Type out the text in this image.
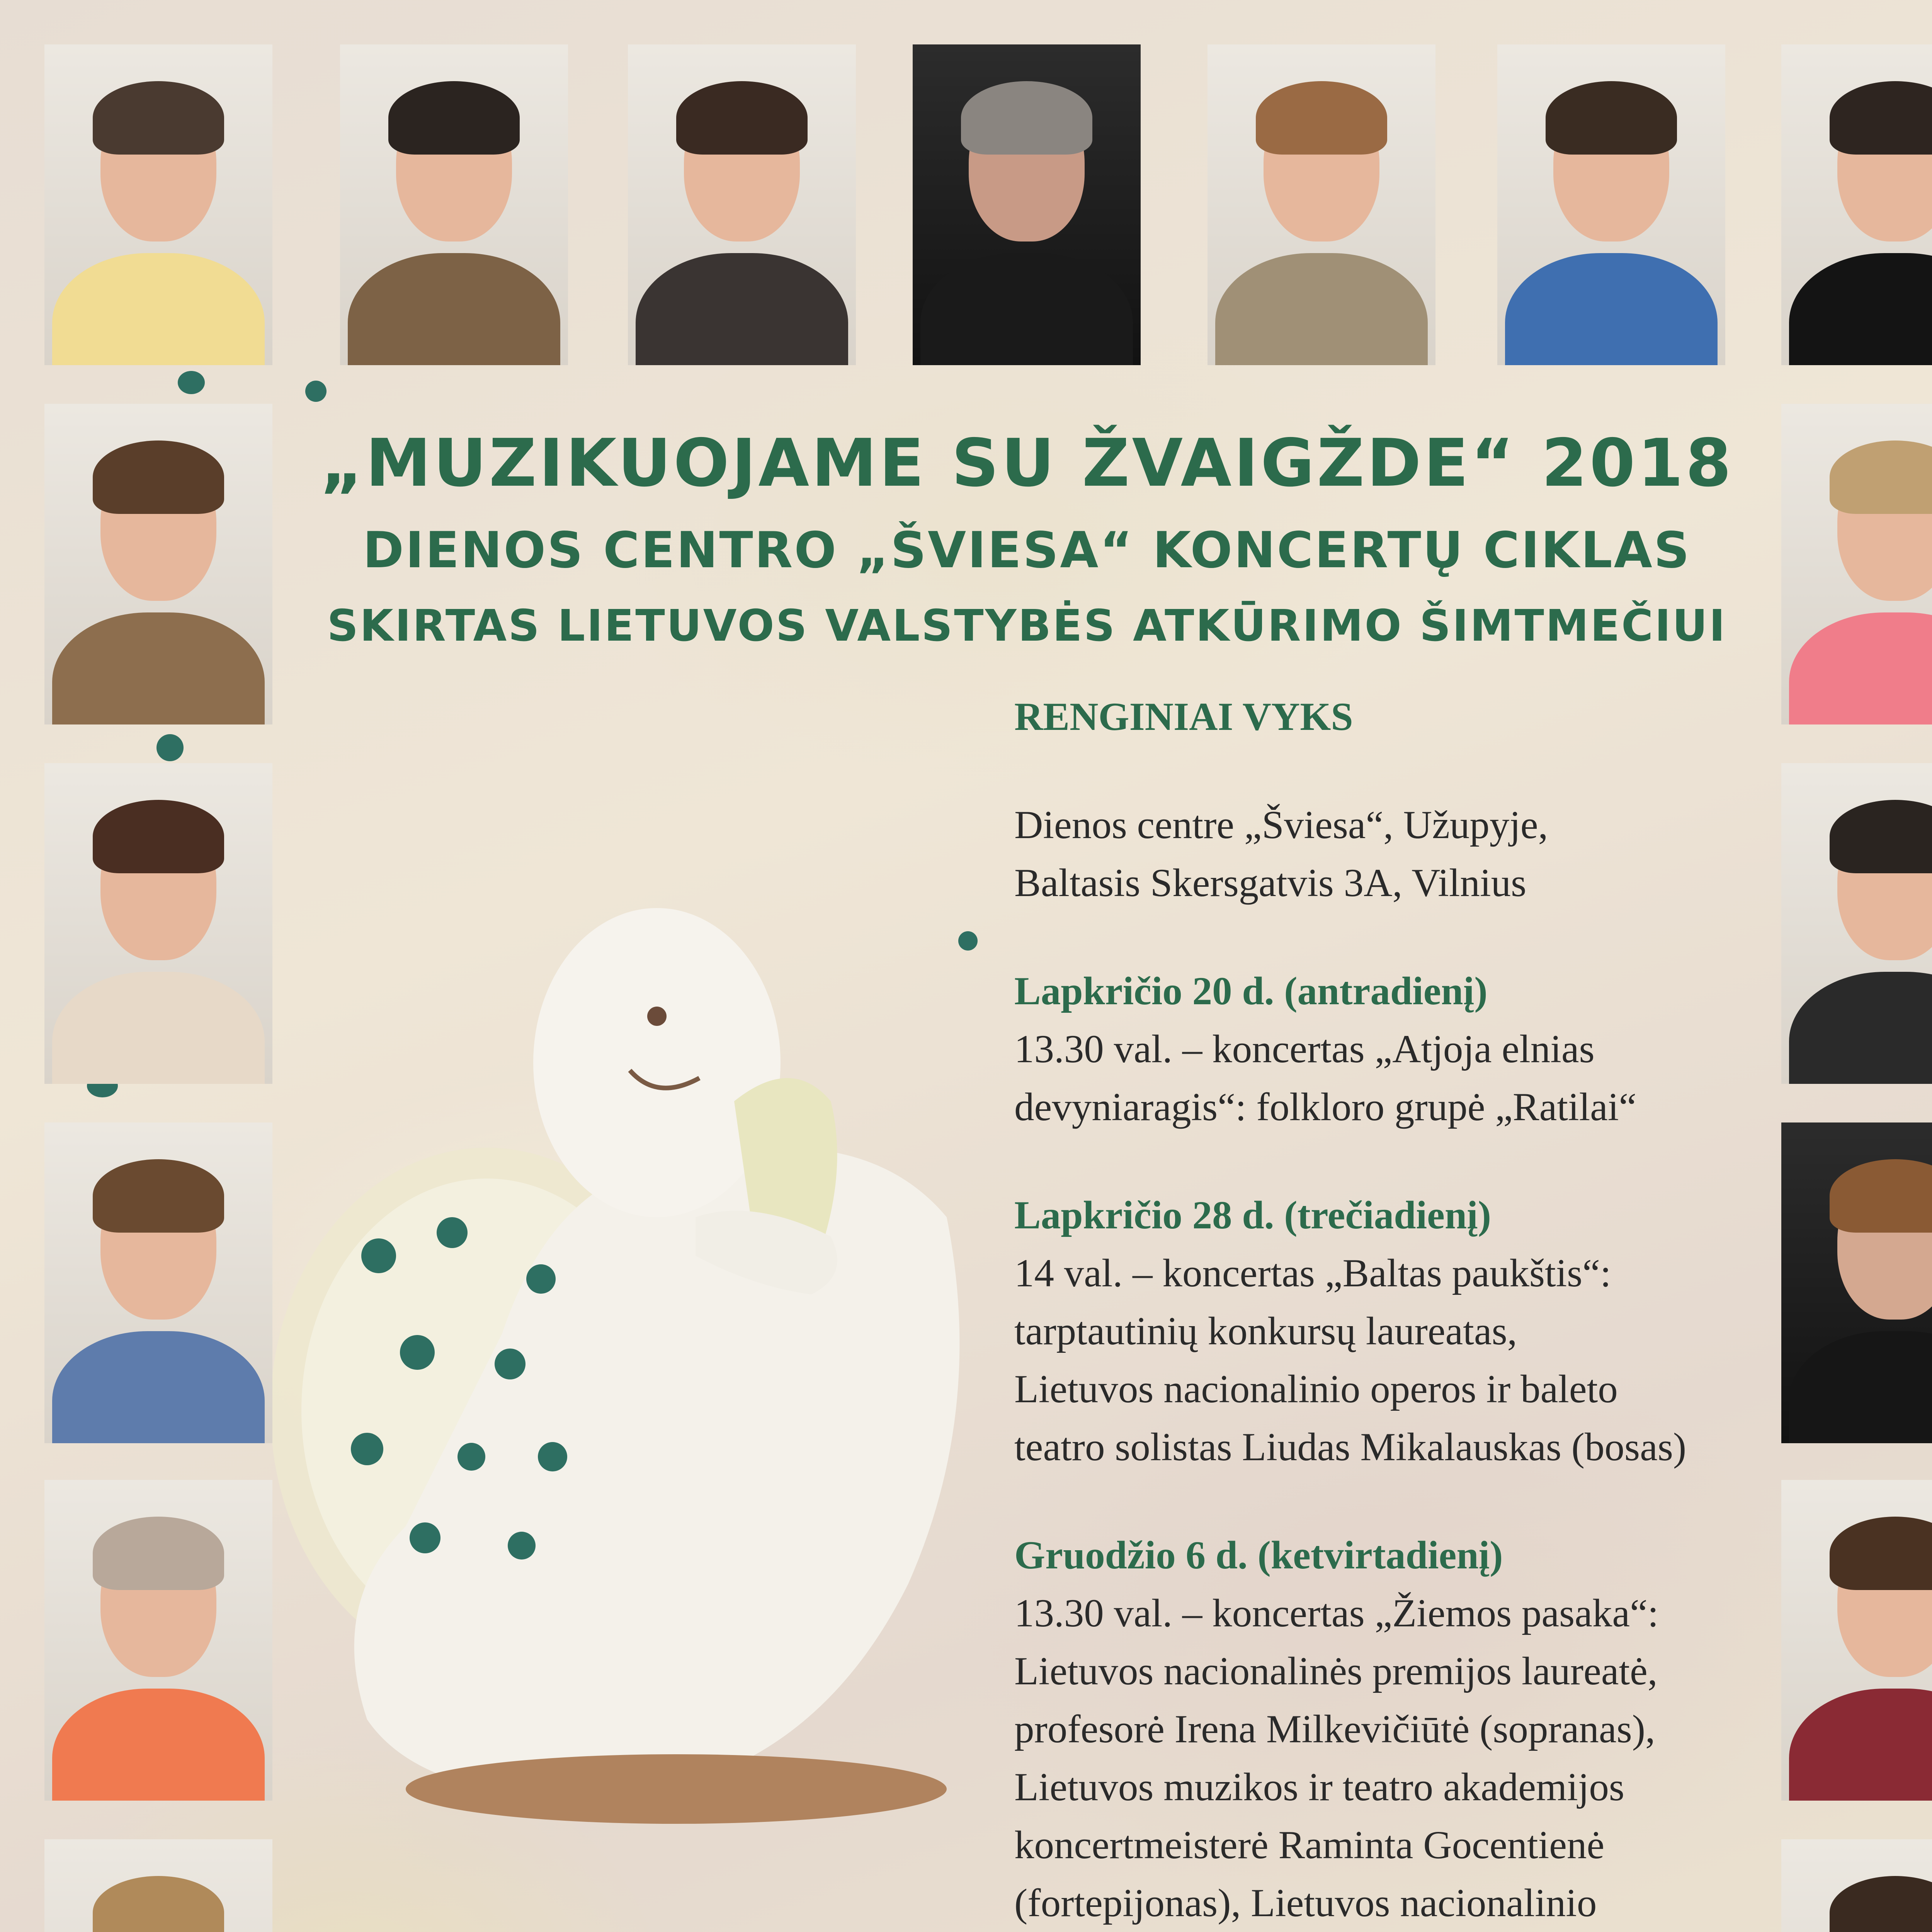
„MUZIKUOJAME SU ŽVAIGŽDE“ 2018
DIENOS CENTRO „ŠVIESA“ KONCERTŲ CIKLAS
SKIRTAS LIETUVOS VALSTYBĖS ATKŪRIMO ŠIMTMEČIUI

RENGINIAI VYKS

Dienos centre „Šviesa“, Užupyje,

Baltasis Skersgatvis 3A, Vilnius

Lapkričio 20 d. (antradienį)

13.30 val. – koncertas „Atjoja elnias

devyniaragis“: folkloro grupė „Ratilai“

Lapkričio 28 d. (trečiadienį)

14 val. – koncertas „Baltas paukštis“:

tarptautinių konkursų laureatas,

Lietuvos nacionalinio operos ir baleto

teatro solistas Liudas Mikalauskas (bosas)

Gruodžio 6 d. (ketvirtadienį)

13.30 val. – koncertas „Žiemos pasaka“:

Lietuvos nacionalinės premijos laureatė,

profesorė Irena Milkevičiūtė (sopranas),

Lietuvos muzikos ir teatro akademijos

koncertmeisterė Raminta Gocentienė

(fortepijonas), Lietuvos nacionalinio
